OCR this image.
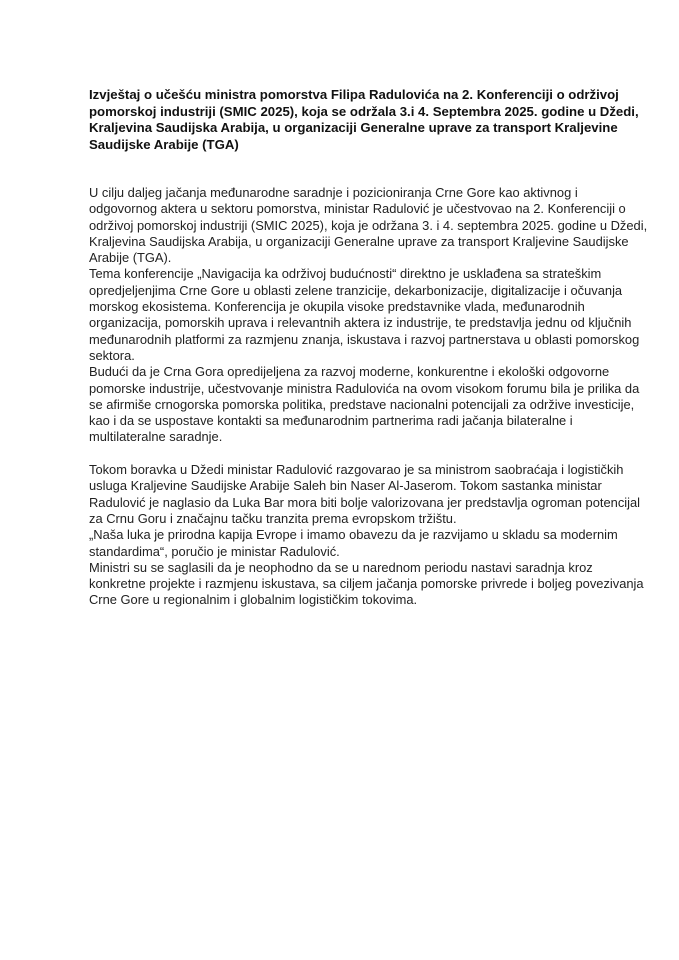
Izvještaj o učešću ministra pomorstva Filipa Radulovića na 2. Konferenciji o održivoj pomorskoj industriji (SMIC 2025), koja se održala 3.i 4. Septembra 2025. godine u Džedi, Kraljevina Saudijska Arabija, u organizaciji Generalne uprave za transport Kraljevine Saudijske Arabije (TGA)

U cilju daljeg jačanja međunarodne saradnje i pozicioniranja Crne Gore kao aktivnog i odgovornog aktera u sektoru pomorstva, ministar Radulović je učestvovao na 2. Konferenciji o održivoj pomorskoj industriji (SMIC 2025), koja je održana 3. i 4. septembra 2025. godine u Džedi, Kraljevina Saudijska Arabija, u organizaciji Generalne uprave za transport Kraljevine Saudijske Arabije (TGA).

Tema konferencije „Navigacija ka održivoj budućnosti“ direktno je usklađena sa strateškim opredjeljenjima Crne Gore u oblasti zelene tranzicije, dekarbonizacije, digitalizacije i očuvanja morskog ekosistema. Konferencija je okupila visoke predstavnike vlada, međunarodnih organizacija, pomorskih uprava i relevantnih aktera iz industrije, te predstavlja jednu od ključnih međunarodnih platformi za razmjenu znanja, iskustava i razvoj partnerstava u oblasti pomorskog sektora.

Budući da je Crna Gora opredijeljena za razvoj moderne, konkurentne i ekološki odgovorne pomorske industrije, učestvovanje ministra Radulovića na ovom visokom forumu bila je prilika da se afirmiše crnogorska pomorska politika, predstave nacionalni potencijali za održive investicije, kao i da se uspostave kontakti sa međunarodnim partnerima radi jačanja bilateralne i multilateralne saradnje.

Tokom boravka u Džedi ministar Radulović razgovarao je sa ministrom saobraćaja i logističkih usluga Kraljevine Saudijske Arabije Saleh bin Naser Al-Jaserom. Tokom sastanka ministar Radulović je naglasio da Luka Bar mora biti bolje valorizovana jer predstavlja ogroman potencijal za Crnu Goru i značajnu tačku tranzita prema evropskom tržištu.

„Naša luka je prirodna kapija Evrope i imamo obavezu da je razvijamo u skladu sa modernim standardima“, poručio je ministar Radulović.

Ministri su se saglasili da je neophodno da se u narednom periodu nastavi saradnja kroz konkretne projekte i razmjenu iskustava, sa ciljem jačanja pomorske privrede i boljeg povezivanja Crne Gore u regionalnim i globalnim logističkim tokovima.
